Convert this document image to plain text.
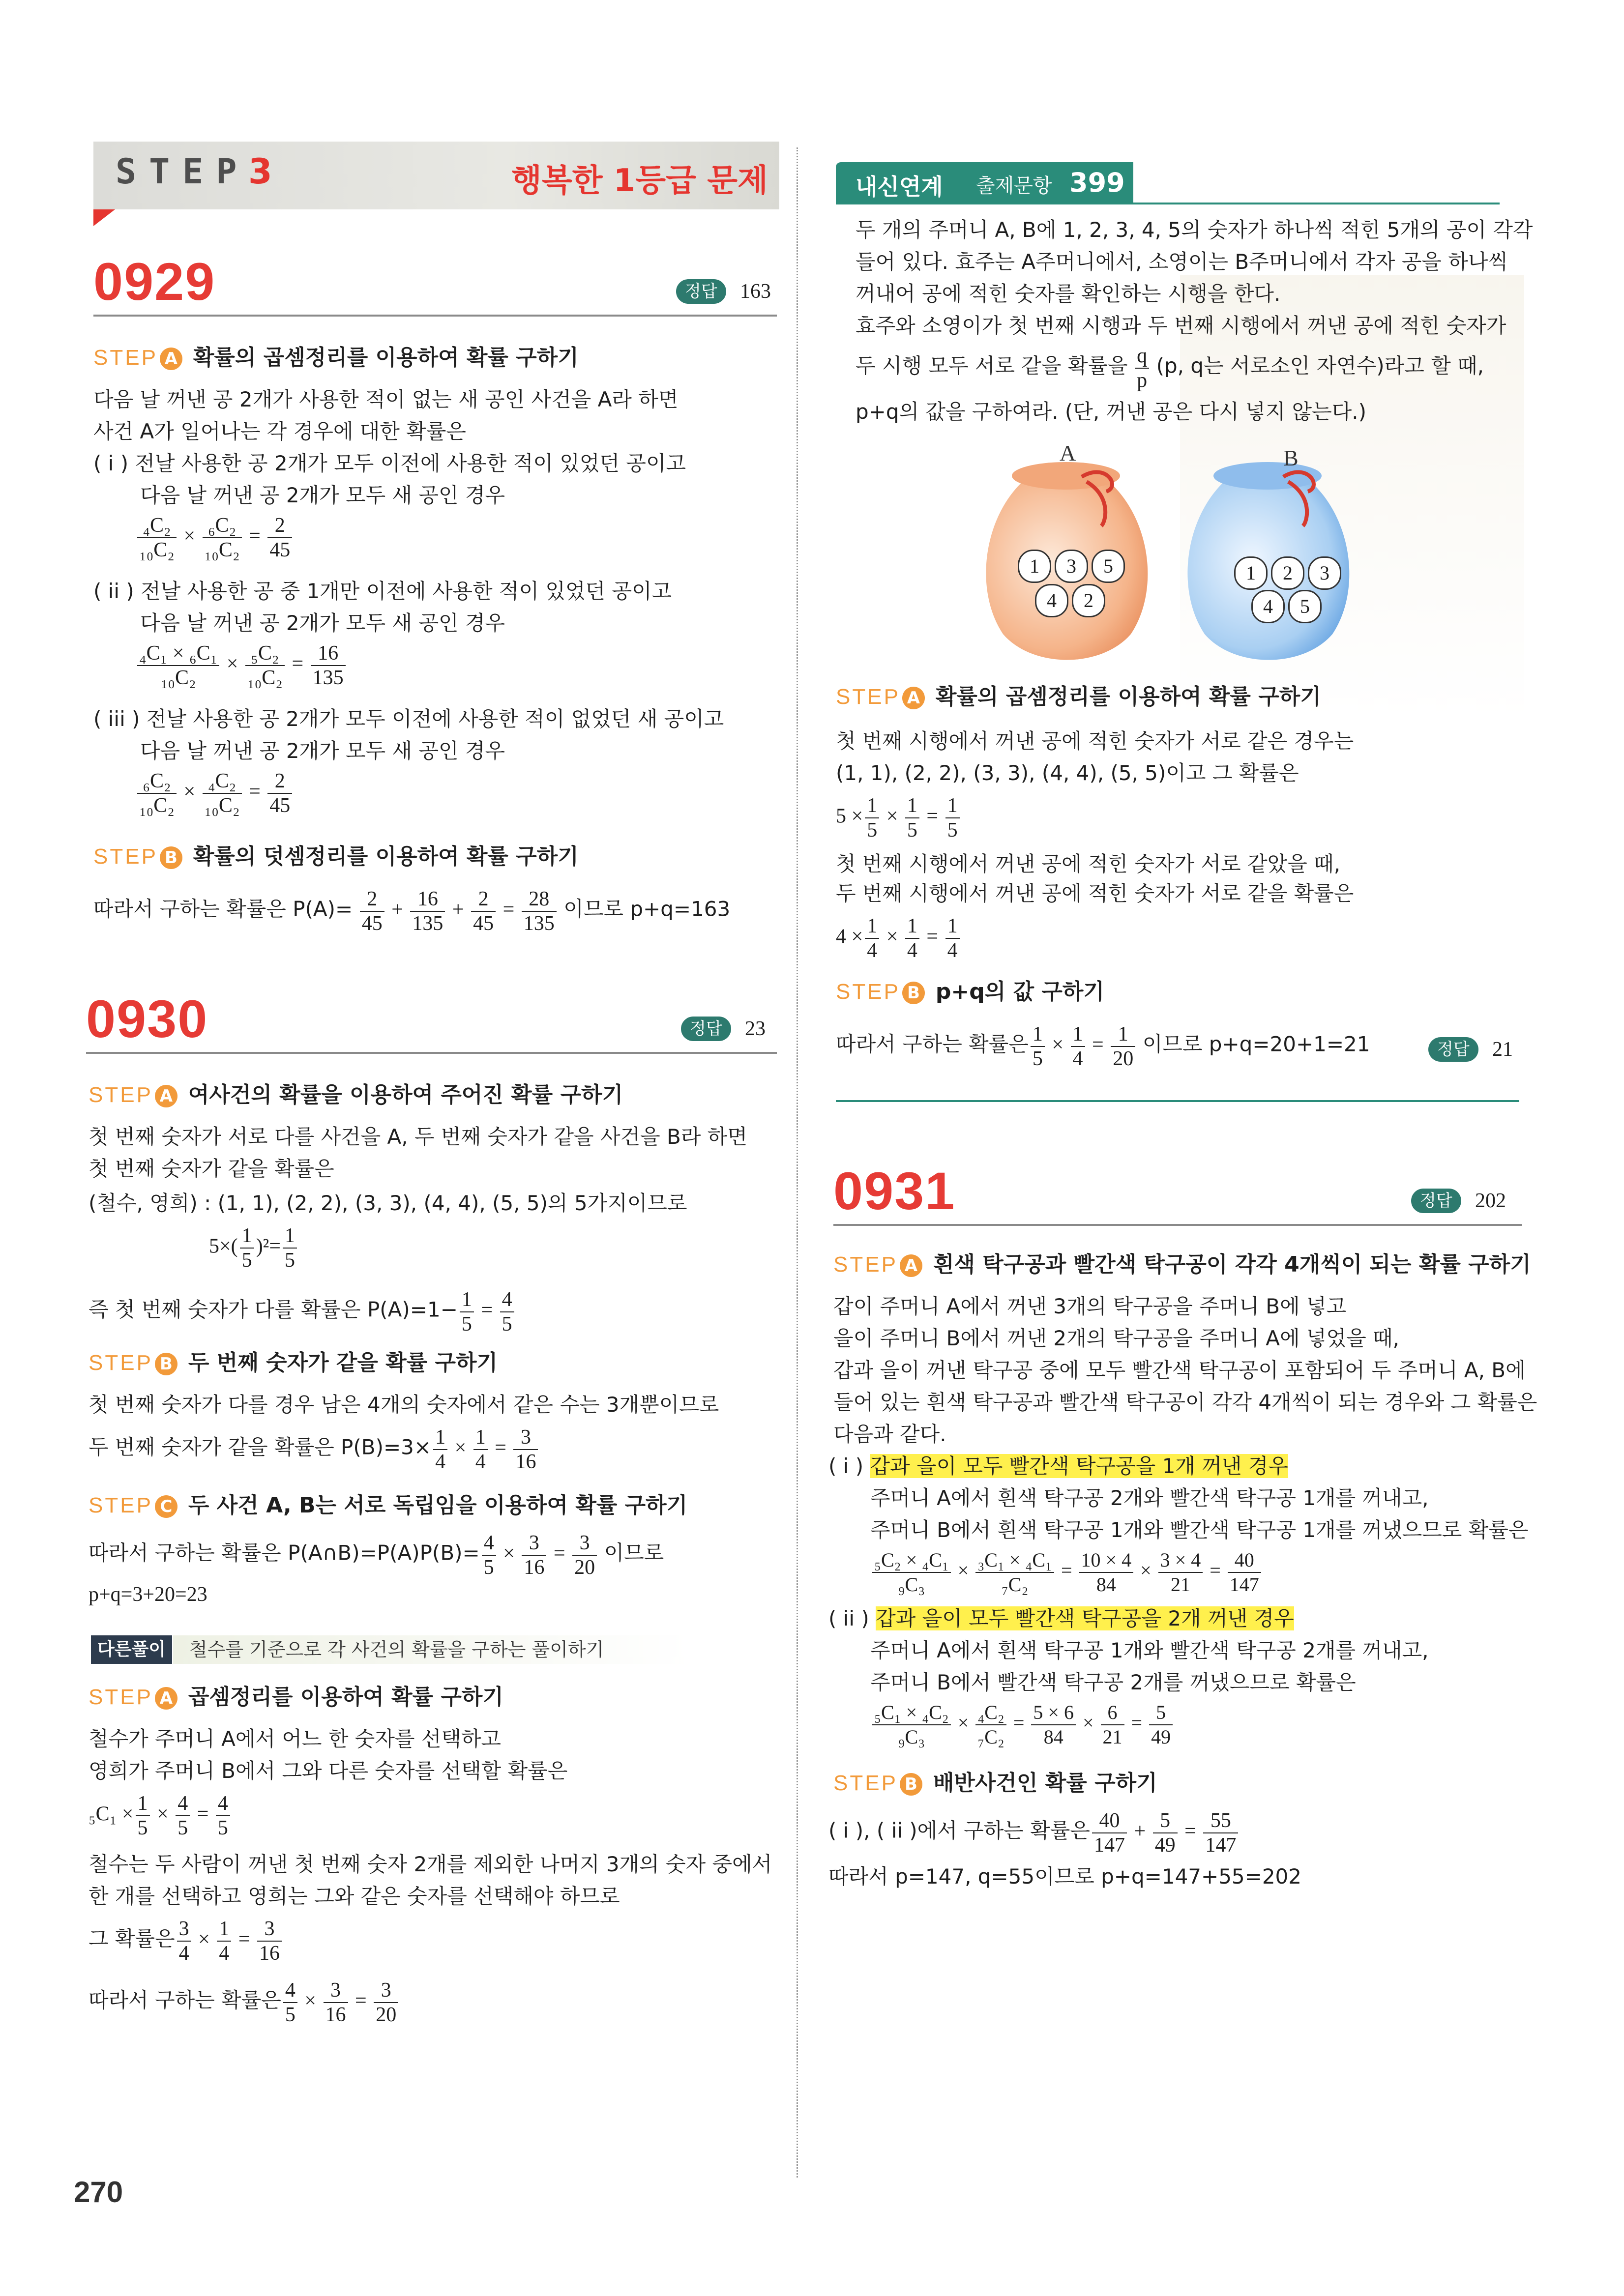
STEP
3	행복한 1등급 문제
0929	정답	163
STEP A 확률의 곱셈정리를 이용하여 확률 구하기
다음 날 꺼낸 공 2개가 사용한 적이 없는 새 공인 사건을 A라 하면
사건 A가 일어나는 각 경우에 대한 확률은
( i ) 전날 사용한 공 2개가 모두 이전에 사용한 적이 있었던 공이고
다음 날 꺼낸 공 2개가 모두 새 공인 경우
$\frac{\text{₄C₂}}{\text{₁₀C₂}} \times \frac{\text{₆C₂}}{\text{₁₀C₂}} = \frac{2}{45}$
( ii ) 전날 사용한 공 중 1개만 이전에 사용한 적이 있었던 공이고
다음 날 꺼낸 공 2개가 모두 새 공인 경우
$\frac{\text{₄C₁ × ₆C₁}}{\text{₁₀C₂}} \times \frac{\text{₅C₂}}{\text{₁₀C₂}} = \frac{16}{135}$
( iii ) 전날 사용한 공 2개가 모두 이전에 사용한 적이 없었던 새 공이고
다음 날 꺼낸 공 2개가 모두 새 공인 경우
$\frac{\text{₆C₂}}{\text{₁₀C₂}} \times \frac{\text{₄C₂}}{\text{₁₀C₂}} = \frac{2}{45}$
STEP B 확률의 덧셈정리를 이용하여 확률 구하기
따라서 구하는 확률은 $P(A)= \frac{2}{45} + \frac{16}{135} + \frac{2}{45} = \frac{28}{135}$ 이므로 p+q=163
0930	정답	23
STEP A 여사건의 확률을 이용하여 주어진 확률 구하기
첫 번째 숫자가 서로 다를 사건을 A, 두 번째 숫자가 같을 사건을 B라 하면
첫 번째 숫자가 같을 확률은
(철수, 영희) : (1, 1), (2, 2), (3, 3), (4, 4), (5, 5)의 5가지이므로
$5\times( \frac{1}{5} )^2= \frac{1}{5}$
즉 첫 번째 숫자가 다를 확률은 $P(A)=1- \frac{1}{5} = \frac{4}{5}$
STEP B 두 번째 숫자가 같을 확률 구하기
첫 번째 숫자가 다를 경우 남은 4개의 숫자에서 같은 수는 3개뿐이므로
두 번째 숫자가 같을 확률은 $P(B)=3\times \frac{1}{4} \times \frac{1}{4} = \frac{3}{16}$
STEP C 두 사건 A, B는 서로 독립임을 이용하여 확률 구하기
따라서 구하는 확률은 P(A∩B)=P(A)P(B)= $\frac{4}{5} \times \frac{3}{16} = \frac{3}{20}$ 이므로
p+q=3+20=23
다른풀이	철수를 기준으로 각 사건의 확률을 구하는 풀이하기
STEP A 곱셈정리를 이용하여 확률 구하기
철수가 주머니 A에서 어느 한 숫자를 선택하고
영희가 주머니 B에서 그와 다른 숫자를 선택할 확률은
$_5C_1 \times \frac{1}{5} \times \frac{4}{5} = \frac{4}{5}$
철수는 두 사람이 꺼낸 첫 번째 숫자 2개를 제외한 나머지 3개의 숫자 중에서
한 개를 선택하고 영희는 그와 같은 숫자를 선택해야 하므로
그 확률은 $\frac{3}{4} \times \frac{1}{4} = \frac{3}{16}$
따라서 구하는 확률은 $\frac{4}{5} \times \frac{3}{16} = \frac{3}{20}$
270
내신연계 출제문항 399
두 개의 주머니 A, B에 1, 2, 3, 4, 5의 숫자가 하나씩 적힌 5개의 공이 각각
들어 있다. 효주는 A주머니에서, 소영이는 B주머니에서 각자 공을 하나씩
꺼내어 공에 적힌 숫자를 확인하는 시행을 한다.
효주와 소영이가 첫 번째 시행과 두 번째 시행에서 꺼낸 공에 적힌 숫자가
두 시행 모두 서로 같을 확률을 $\frac{q}{p} (p$, q는 서로소인 자연수)라고 할 때,
p+q의 값을 구하여라. (단, 꺼낸 공은 다시 넣지 않는다.)
A	B
1	3	5
4	2
1	2	3
4	5
STEP A 확률의 곱셈정리를 이용하여 확률 구하기
첫 번째 시행에서 꺼낸 공에 적힌 숫자가 서로 같은 경우는
(1, 1), (2, 2), (3, 3), (4, 4), (5, 5)이고 그 확률은
$5 \times \frac{1}{5} \times \frac{1}{5} = \frac{1}{5}$
첫 번째 시행에서 꺼낸 공에 적힌 숫자가 서로 같았을 때,
두 번째 시행에서 꺼낸 공에 적힌 숫자가 서로 같을 확률은
$4 \times \frac{1}{4} \times \frac{1}{4} = \frac{1}{4}$
STEP B p+q의 값 구하기
따라서 구하는 확률은 $\frac{1}{5} \times \frac{1}{4} = \frac{1}{20}$ 이므로 p+q=20+1=21	정답	21
0931	정답	202
STEP A 흰색 탁구공과 빨간색 탁구공이 각각 4개씩이 되는 확률 구하기
갑이 주머니 A에서 꺼낸 3개의 탁구공을 주머니 B에 넣고
을이 주머니 B에서 꺼낸 2개의 탁구공을 주머니 A에 넣었을 때,
갑과 을이 꺼낸 탁구공 중에 모두 빨간색 탁구공이 포함되어 두 주머니 A, B에
들어 있는 흰색 탁구공과 빨간색 탁구공이 각각 4개씩이 되는 경우와 그 확률은
다음과 같다.
( i ) 갑과 을이 모두 빨간색 탁구공을 1개 꺼낸 경우
주머니 A에서 흰색 탁구공 2개와 빨간색 탁구공 1개를 꺼내고,
주머니 B에서 흰색 탁구공 1개와 빨간색 탁구공 1개를 꺼냈으므로 확률은
$\frac{\text{₅C₂ × ₄C₁}}{\text{₉C₃}} \times \frac{\text{₃C₁ × ₄C₁}}{\text{₇C₂}} = \frac{10 \times 4}{84} \times \frac{3 \times 4}{21} = \frac{40}{147}$
( ii ) 갑과 을이 모두 빨간색 탁구공을 2개 꺼낸 경우
주머니 A에서 흰색 탁구공 1개와 빨간색 탁구공 2개를 꺼내고,
주머니 B에서 빨간색 탁구공 2개를 꺼냈으므로 확률은
$\frac{\text{₅C₁ × ₄C₂}}{\text{₉C₃}} \times \frac{\text{₄C₂}}{\text{₇C₂}} = \frac{5 \times 6}{84} \times \frac{6}{21} = \frac{5}{49}$
STEP B 배반사건인 확률 구하기
( i ), ( ii )에서 구하는 확률은 $\frac{40}{147} + \frac{5}{49} = \frac{55}{147}$
따라서 p=147, q=55이므로 p+q=147+55=202
